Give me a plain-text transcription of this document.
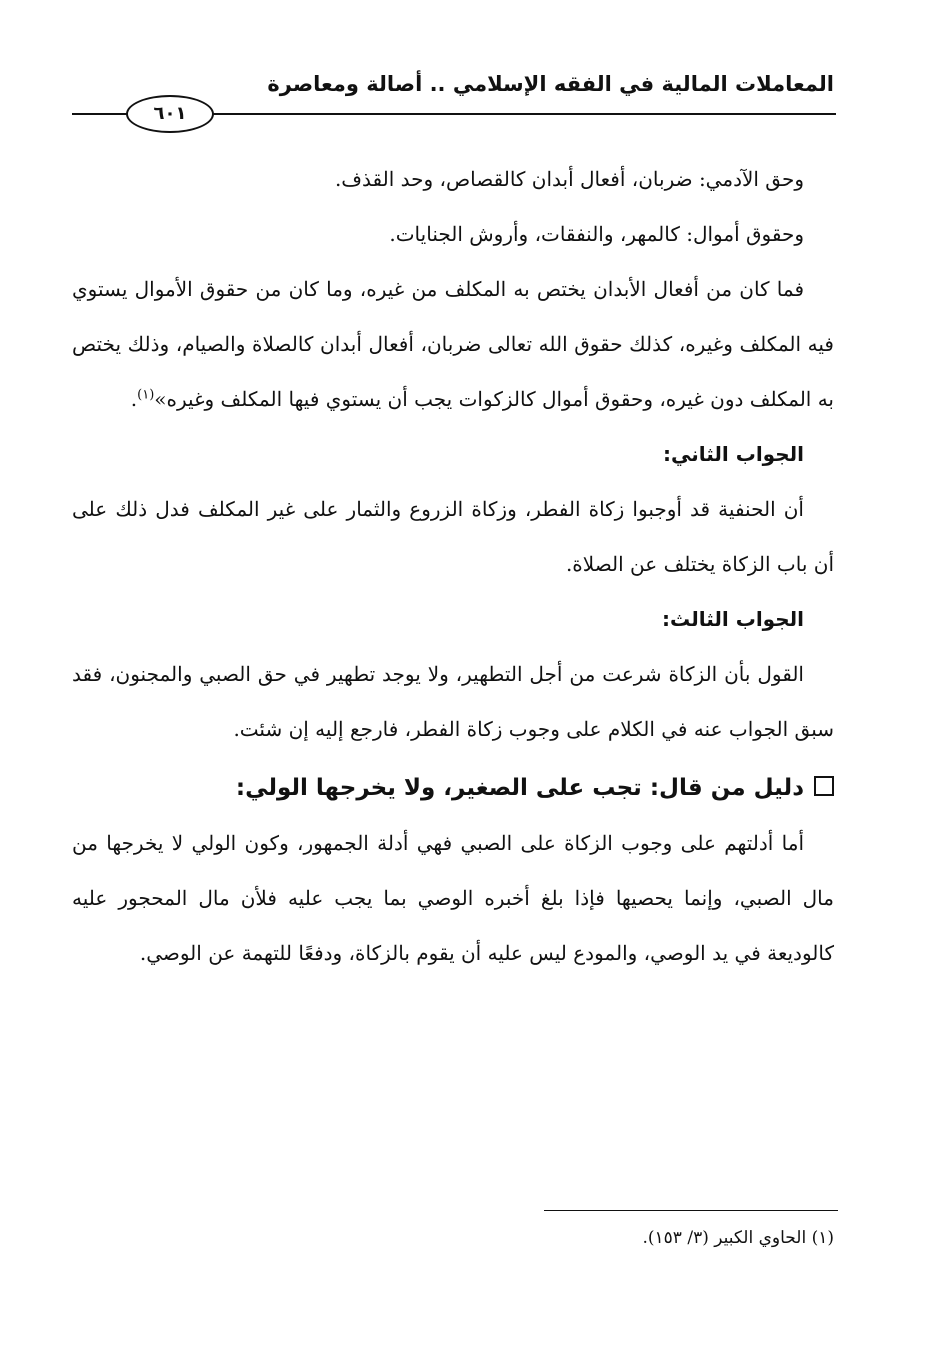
المعاملات المالية في الفقه الإسلامي .. أصالة ومعاصرة
٦٠١

وحق الآدمي: ضربان، أفعال أبدان كالقصاص، وحد القذف.

وحقوق أموال: كالمهر، والنفقات، وأروش الجنايات.

فما كان من أفعال الأبدان يختص به المكلف من غيره، وما كان من حقوق الأموال يستوي فيه المكلف وغيره، كذلك حقوق الله تعالى ضربان، أفعال أبدان كالصلاة والصيام، وذلك يختص به المكلف دون غيره، وحقوق أموال كالزكوات يجب أن يستوي فيها المكلف وغيره»$^{(١)}$.

الجواب الثاني:

أن الحنفية قد أوجبوا زكاة الفطر، وزكاة الزروع والثمار على غير المكلف فدل ذلك على أن باب الزكاة يختلف عن الصلاة.

الجواب الثالث:

القول بأن الزكاة شرعت من أجل التطهير، ولا يوجد تطهير في حق الصبي والمجنون، فقد سبق الجواب عنه في الكلام على وجوب زكاة الفطر، فارجع إليه إن شئت.

دليل من قال: تجب على الصغير، ولا يخرجها الولي:

أما أدلتهم على وجوب الزكاة على الصبي فهي أدلة الجمهور، وكون الولي لا يخرجها من مال الصبي، وإنما يحصيها فإذا بلغ أخبره الوصي بما يجب عليه فلأن مال المحجور عليه كالوديعة في يد الوصي، والمودع ليس عليه أن يقوم بالزكاة، ودفعًا للتهمة عن الوصي.

(١) الحاوي الكبير (٣/ ١٥٣).
